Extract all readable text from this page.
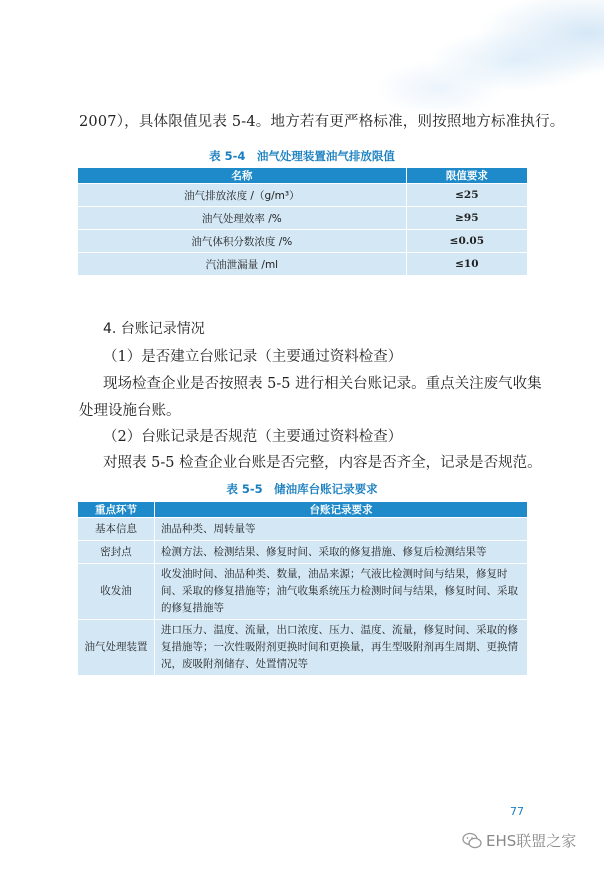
2007），具体限值见表 5-4。地方若有更严格标准，则按照地方标准执行。
表 5-4　油气处理装置油气排放限值
名称	限值要求
油气排放浓度 /（g/m³）	≤25
油气处理效率 /%	≥95
油气体积分数浓度 /%	≤0.05
汽油泄漏量 /ml	≤10
4. 台账记录情况
（1）是否建立台账记录（主要通过资料检查）
现场检查企业是否按照表 5-5 进行相关台账记录。重点关注废气收集
处理设施台账。
（2）台账记录是否规范（主要通过资料检查）
对照表 5-5 检查企业台账是否完整，内容是否齐全，记录是否规范。
表 5-5　储油库台账记录要求
重点环节	台账记录要求
基本信息	油品种类、周转量等
密封点	检测方法、检测结果、修复时间、采取的修复措施、修复后检测结果等
收发油	收发油时间、油品种类、数量，油品来源；气液比检测时间与结果，修复时间、采取的修复措施等；油气收集系统压力检测时间与结果，修复时间、采取的修复措施等
油气处理装置	进口压力、温度、流量，出口浓度、压力、温度、流量，修复时间、采取的修复措施等；一次性吸附剂更换时间和更换量，再生型吸附剂再生周期、更换情况，废吸附剂储存、处置情况等
77
EHS联盟之家
